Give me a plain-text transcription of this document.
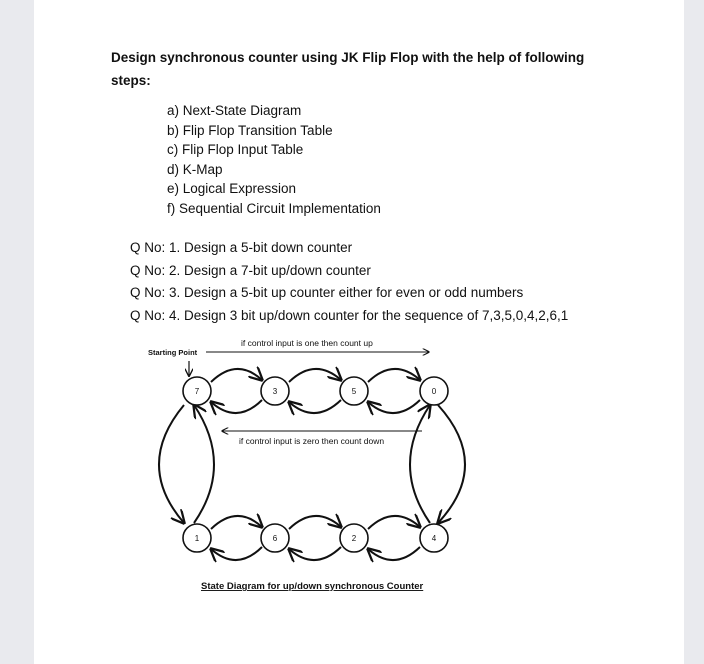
Design synchronous counter using JK Flip Flop with the help of following steps:
a) Next-State Diagram
b) Flip Flop Transition Table
c) Flip Flop Input Table
d) K-Map
e) Logical Expression
f) Sequential Circuit Implementation
Q No: 1. Design a 5-bit down counter
Q No: 2. Design a 7-bit up/down counter
Q No: 3. Design a 5-bit up counter either for even or odd numbers
Q No: 4. Design 3 bit up/down counter for the sequence of 7,3,5,0,4,2,6,1
Starting Point
if control input is one then count up
if control input is zero then count down
State Diagram for up/down synchronous Counter
7	3	5	0
1	6	2	4
